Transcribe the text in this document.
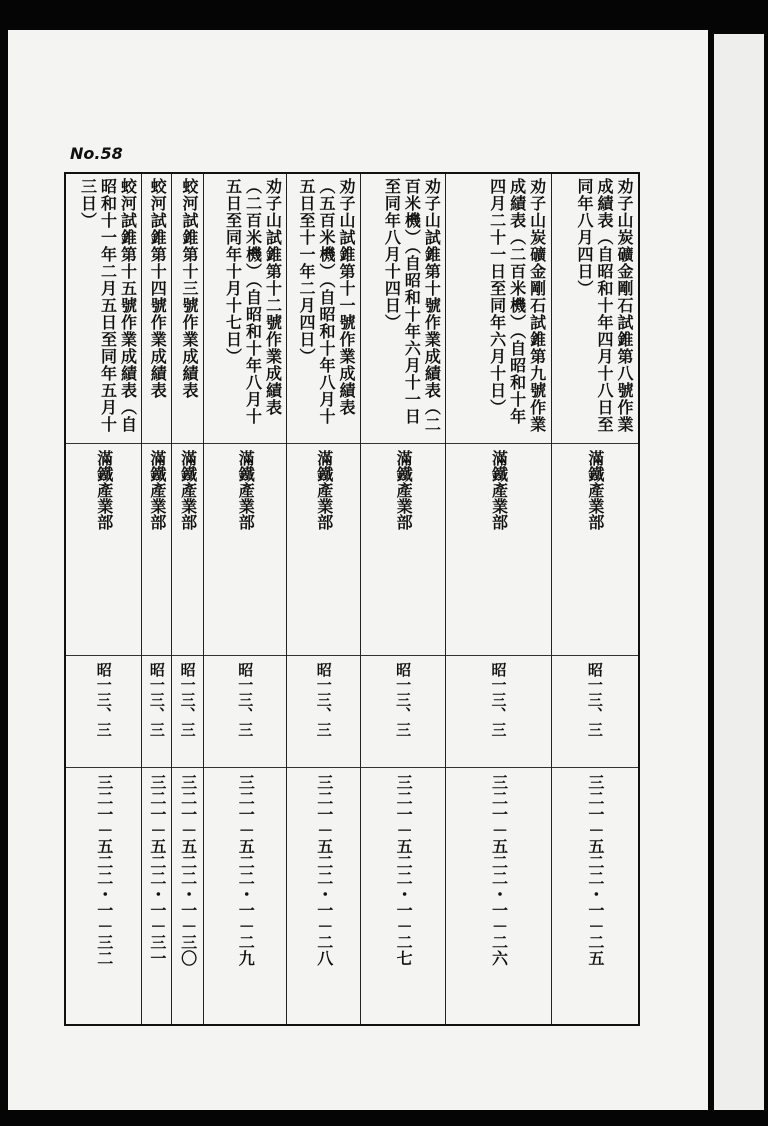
No.58
劝子山炭礦金剛石試錐第八號作業成績表（自昭和十年四月十八日至同年八月四日）
滿鐵產業部
昭一三、三
三二一－五二二・一－二五
劝子山炭礦金剛石試錐第九號作業成績表（二百米機）（自昭和十年四月二十一日至同年六月十日）
滿鐵產業部
昭一三、三
三二一－五二二・一－二六
劝子山試錐第十號作業成績表（二百米機）（自昭和十年六月十一日至同年八月十四日）
滿鐵產業部
昭一三、三
三二一－五二二・一－二七
劝子山試錐第十一號作業成績表（五百米機）（自昭和十年八月十五日至十一年二月四日）
滿鐵產業部
昭一三、三
三二一－五二二・一－二八
劝子山試錐第十二號作業成績表（二百米機）（自昭和十年八月十五日至同年十月十七日）
滿鐵產業部
昭一三、三
三二一－五二二・一－二九
蛟河試錐第十三號作業成績表
滿鐵產業部
昭一三、三
三二一－五二二・一－三〇
蛟河試錐第十四號作業成績表
滿鐵產業部
昭一三、三
三二一－五二二・一－三一
蛟河試錐第十五號作業成績表（自昭和十一年二月五日至同年五月十三日）
滿鐵產業部
昭一三、三
三二一－五二二・一－三二
